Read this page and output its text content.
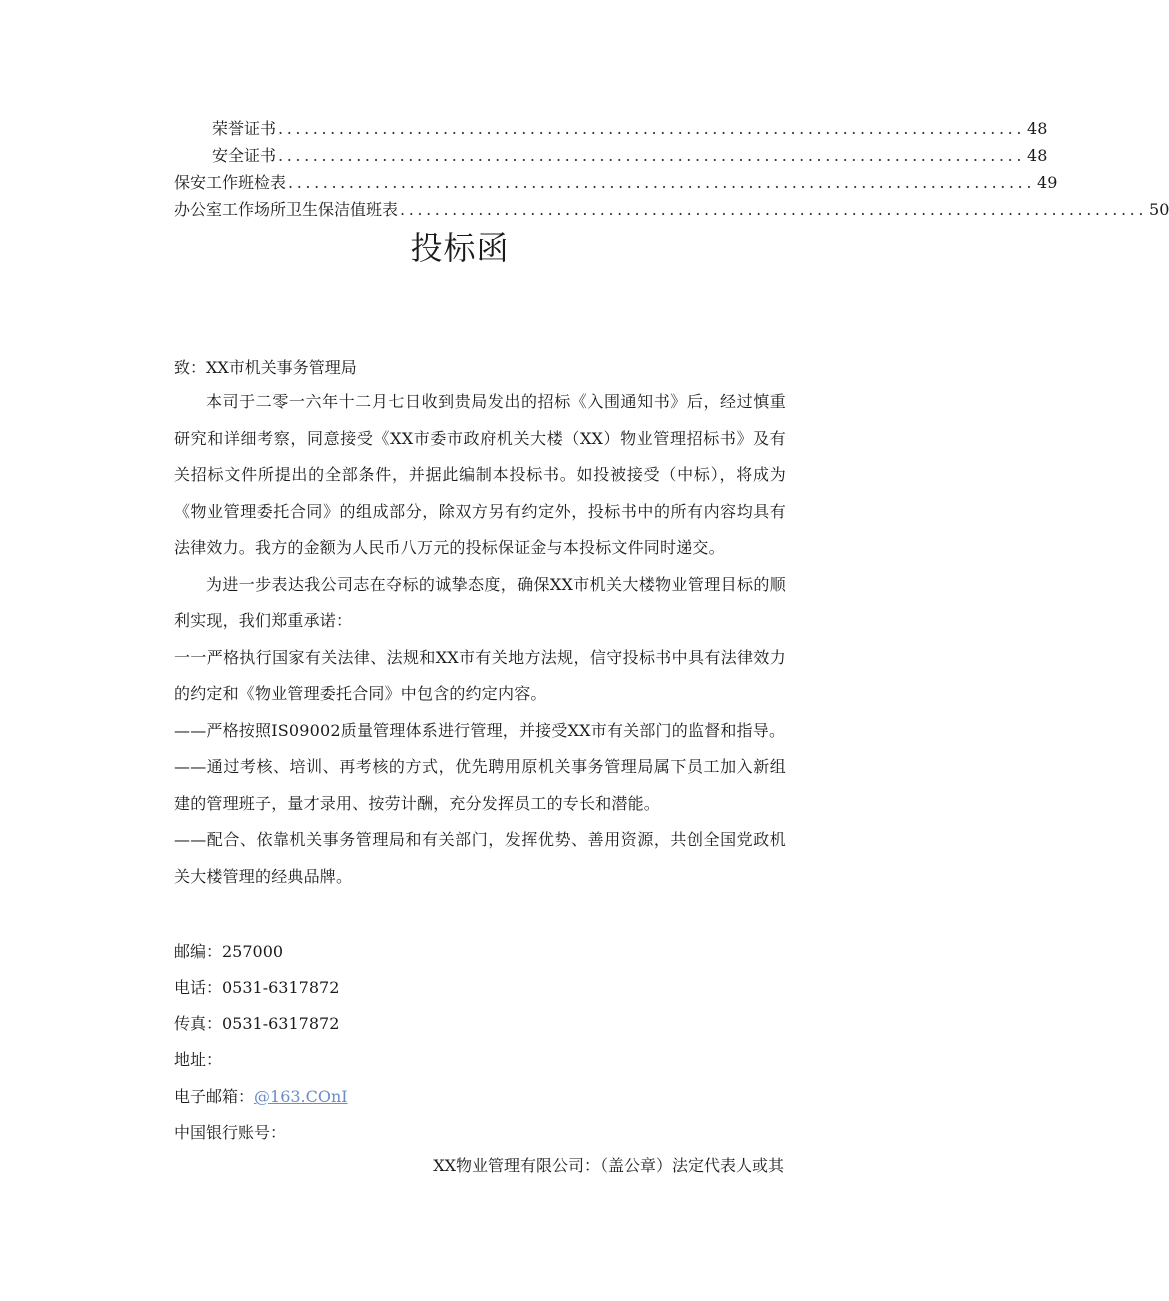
荣誉证书 ...................................................................................... 48
安全证书 ...................................................................................... 48
保安工作班检表 ...................................................................................... 49
办公室工作场所卫生保洁值班表 ...................................................................................... 50
投标函
致：XX市机关事务管理局

本司于二零一六年十二月七日收到贵局发出的招标《入围通知书》后，经过慎重研究和详细考察，同意接受《XX市委市政府机关大楼（XX）物业管理招标书》及有关招标文件所提出的全部条件，并据此编制本投标书。如投被接受（中标），将成为《物业管理委托合同》的组成部分，除双方另有约定外，投标书中的所有内容均具有法律效力。我方的金额为人民币八万元的投标保证金与本投标文件同时递交。

为进一步表达我公司志在夺标的诚挚态度，确保XX市机关大楼物业管理目标的顺利实现，我们郑重承诺：

一一严格执行国家有关法律、法规和XX市有关地方法规，信守投标书中具有法律效力的约定和《物业管理委托合同》中包含的约定内容。

——严格按照IS09002质量管理体系进行管理，并接受XX市有关部门的监督和指导。

——通过考核、培训、再考核的方式，优先聘用原机关事务管理局属下员工加入新组建的管理班子，量才录用、按劳计酬，充分发挥员工的专长和潜能。

——配合、依靠机关事务管理局和有关部门，发挥优势、善用资源，共创全国党政机关大楼管理的经典品牌。

邮编：257000
电话：0531-6317872
传真：0531-6317872
地址：
电子邮箱：@163.COnI
中国银行账号：
XX物业管理有限公司：（盖公章）法定代表人或其
